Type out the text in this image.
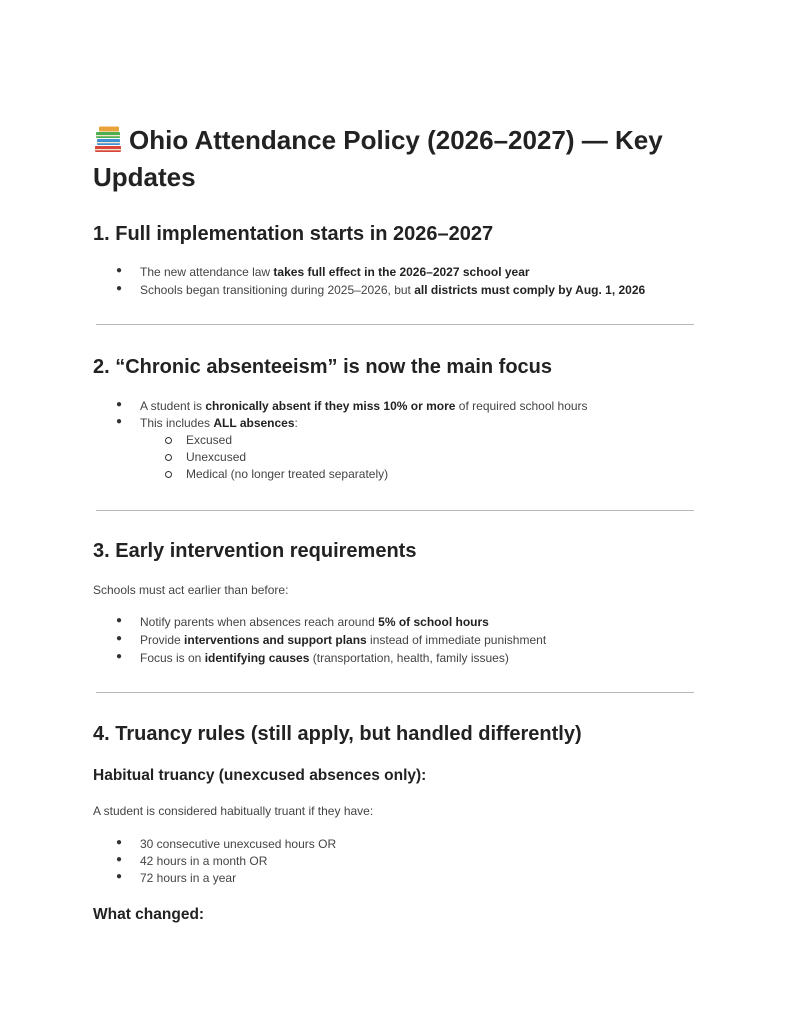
Ohio Attendance Policy (2026–2027) — Key Updates
1. Full implementation starts in 2026–2027
● The new attendance law takes full effect in the 2026–2027 school year
● Schools began transitioning during 2025–2026, but all districts must comply by Aug. 1, 2026
2. “Chronic absenteeism” is now the main focus
● A student is chronically absent if they miss 10% or more of required school hours
● This includes ALL absences:
Excused
Unexcused
Medical (no longer treated separately)
3. Early intervention requirements

Schools must act earlier than before:

● Notify parents when absences reach around 5% of school hours
● Provide interventions and support plans instead of immediate punishment
● Focus is on identifying causes (transportation, health, family issues)
4. Truancy rules (still apply, but handled differently)
Habitual truancy (unexcused absences only):

A student is considered habitually truant if they have:

● 30 consecutive unexcused hours OR
● 42 hours in a month OR
● 72 hours in a year
What changed:
